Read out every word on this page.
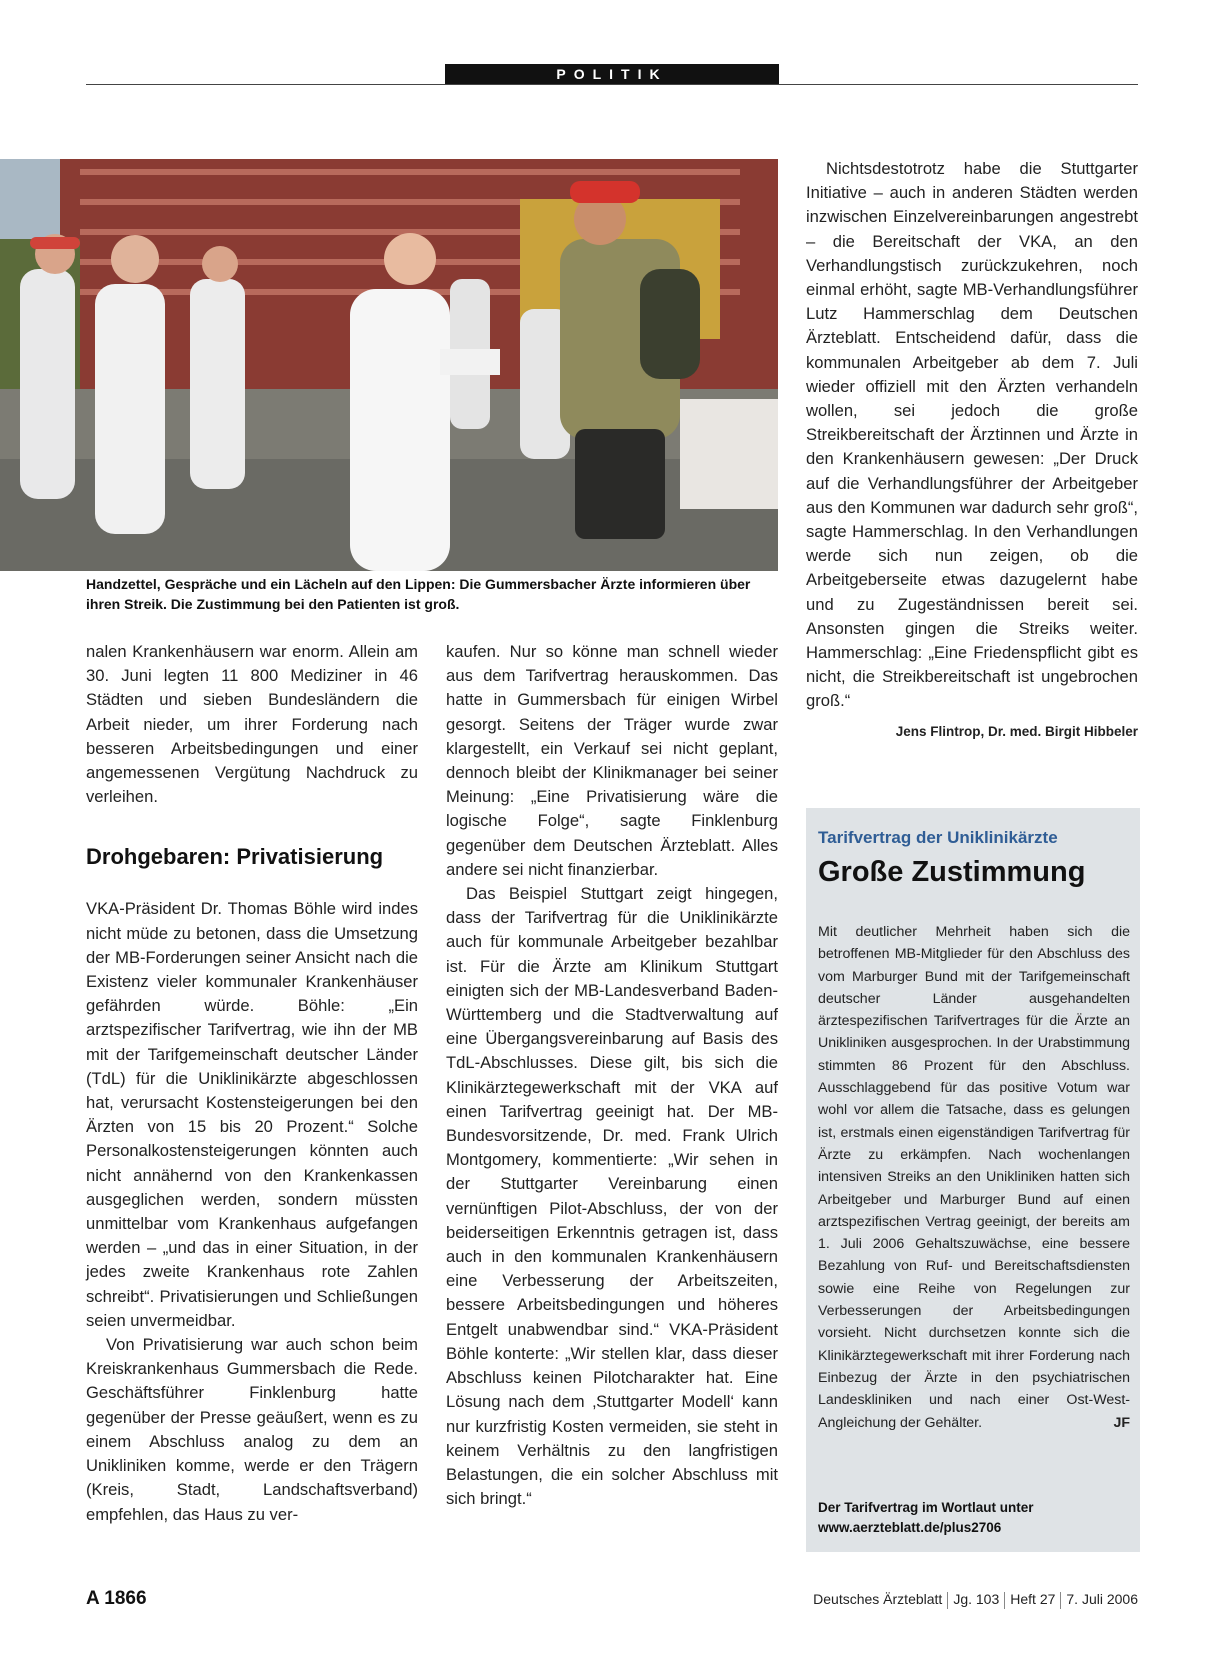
POLITIK
Handzettel, Gespräche und ein Lächeln auf den Lippen: Die Gummersbacher Ärzte informieren über ihren Streik. Die Zustimmung bei den Patienten ist groß.

nalen Krankenhäusern war enorm. Allein am 30. Juni legten 11 800 Mediziner in 46 Städten und sieben Bundesländern die Arbeit nieder, um ihrer Forderung nach besseren Arbeitsbedingungen und einer angemessenen Vergütung Nachdruck zu verleihen.

Drohgebaren: Privatisierung

VKA-Präsident Dr. Thomas Böhle wird indes nicht müde zu betonen, dass die Umsetzung der MB-Forderungen seiner Ansicht nach die Existenz vieler kommunaler Krankenhäuser gefährden würde. Böhle: „Ein arztspezifischer Tarifvertrag, wie ihn der MB mit der Tarifgemeinschaft deutscher Länder (TdL) für die Uniklinikärzte abgeschlossen hat, verursacht Kostensteigerungen bei den Ärzten von 15 bis 20 Prozent.“ Solche Personalkostensteigerungen könnten auch nicht annähernd von den Krankenkassen ausgeglichen werden, sondern müssten unmittelbar vom Krankenhaus aufgefangen werden – „und das in einer Situation, in der jedes zweite Krankenhaus rote Zahlen schreibt“. Privatisierungen und Schließungen seien unvermeidbar.

Von Privatisierung war auch schon beim Kreiskrankenhaus Gummersbach die Rede. Geschäftsführer Finklenburg hatte gegenüber der Presse geäußert, wenn es zu einem Abschluss analog zu dem an Unikliniken komme, werde er den Trägern (Kreis, Stadt, Landschaftsverband) empfehlen, das Haus zu ver-

kaufen. Nur so könne man schnell wieder aus dem Tarifvertrag herauskommen. Das hatte in Gummersbach für einigen Wirbel gesorgt. Seitens der Träger wurde zwar klargestellt, ein Verkauf sei nicht geplant, dennoch bleibt der Klinikmanager bei seiner Meinung: „Eine Privatisierung wäre die logische Folge“, sagte Finklenburg gegenüber dem Deutschen Ärzteblatt. Alles andere sei nicht finanzierbar.

Das Beispiel Stuttgart zeigt hingegen, dass der Tarifvertrag für die Uniklinikärzte auch für kommunale Arbeitgeber bezahlbar ist. Für die Ärzte am Klinikum Stuttgart einigten sich der MB-Landesverband Baden-Württemberg und die Stadtverwaltung auf eine Übergangsvereinbarung auf Basis des TdL-Abschlusses. Diese gilt, bis sich die Klinikärztegewerkschaft mit der VKA auf einen Tarifvertrag geeinigt hat. Der MB-Bundesvorsitzende, Dr. med. Frank Ulrich Montgomery, kommentierte: „Wir sehen in der Stuttgarter Vereinbarung einen vernünftigen Pilot-Abschluss, der von der beiderseitigen Erkenntnis getragen ist, dass auch in den kommunalen Krankenhäusern eine Verbesserung der Arbeitszeiten, bessere Arbeitsbedingungen und höheres Entgelt unabwendbar sind.“ VKA-Präsident Böhle konterte: „Wir stellen klar, dass dieser Abschluss keinen Pilotcharakter hat. Eine Lösung nach dem ‚Stuttgarter Modell‘ kann nur kurzfristig Kosten vermeiden, sie steht in keinem Verhältnis zu den langfristigen Belastungen, die ein solcher Abschluss mit sich bringt.“

Nichtsdestotrotz habe die Stuttgarter Initiative – auch in anderen Städten werden inzwischen Einzelvereinbarungen angestrebt – die Bereitschaft der VKA, an den Verhandlungstisch zurückzukehren, noch einmal erhöht, sagte MB-Verhandlungsführer Lutz Hammerschlag dem Deutschen Ärzteblatt. Entscheidend dafür, dass die kommunalen Arbeitgeber ab dem 7. Juli wieder offiziell mit den Ärzten verhandeln wollen, sei jedoch die große Streikbereitschaft der Ärztinnen und Ärzte in den Krankenhäusern gewesen: „Der Druck auf die Verhandlungsführer der Arbeitgeber aus den Kommunen war dadurch sehr groß“, sagte Hammerschlag. In den Verhandlungen werde sich nun zeigen, ob die Arbeitgeberseite etwas dazugelernt habe und zu Zugeständnissen bereit sei. Ansonsten gingen die Streiks weiter. Hammerschlag: „Eine Friedenspflicht gibt es nicht, die Streikbereitschaft ist ungebrochen groß.“

Jens Flintrop, Dr. med. Birgit Hibbeler
Tarifvertrag der Uniklinikärzte
Große Zustimmung

Mit deutlicher Mehrheit haben sich die betroffenen MB-Mitglieder für den Abschluss des vom Marburger Bund mit der Tarifgemeinschaft deutscher Länder ausgehandelten ärztespezifischen Tarifvertrages für die Ärzte an Unikliniken ausgesprochen. In der Urabstimmung stimmten 86 Prozent für den Abschluss. Ausschlaggebend für das positive Votum war wohl vor allem die Tatsache, dass es gelungen ist, erstmals einen eigenständigen Tarifvertrag für Ärzte zu erkämpfen. Nach wochenlangen intensiven Streiks an den Unikliniken hatten sich Arbeitgeber und Marburger Bund auf einen arztspezifischen Vertrag geeinigt, der bereits am 1. Juli 2006 Gehaltszuwächse, eine bessere Bezahlung von Ruf- und Bereitschaftsdiensten sowie eine Reihe von Regelungen zur Verbesserungen der Arbeitsbedingungen vorsieht. Nicht durchsetzen konnte sich die Klinikärztegewerkschaft mit ihrer Forderung nach Einbezug der Ärzte in den psychiatrischen Landeskliniken und nach einer Ost-West-Angleichung der Gehälter.	JF

Der Tarifvertrag im Wortlaut unter www.aerzteblatt.de/plus2706
A 1866	Deutsches Ärzteblatt Jg. 103 Heft 27 7. Juli 2006
